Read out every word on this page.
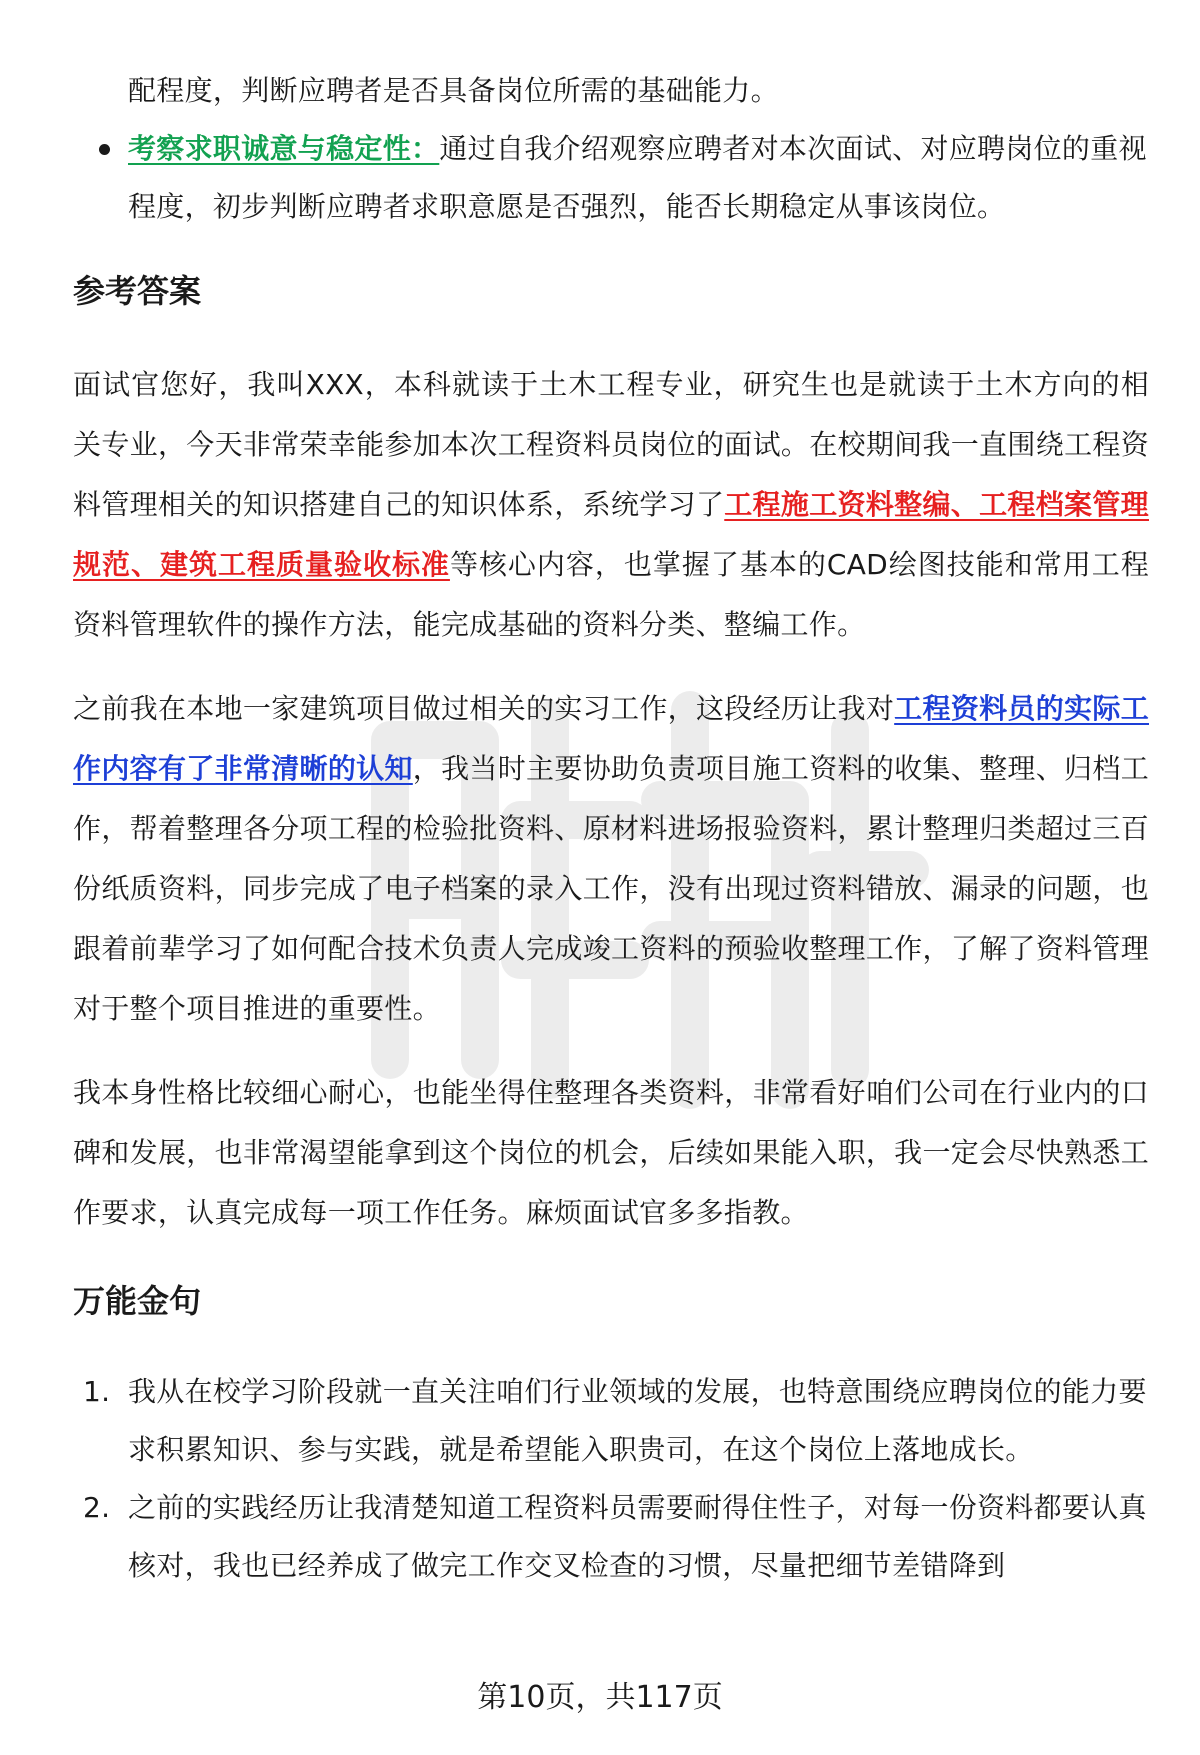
配程度，判断应聘者是否具备岗位所需的基础能力。

考察求职诚意与稳定性：通过自我介绍观察应聘者对本次面试、对应聘岗位的重视程度，初步判断应聘者求职意愿是否强烈，能否长期稳定从事该岗位。
参考答案

面试官您好，我叫XXX，本科就读于土木工程专业，研究生也是就读于土木方向的相关专业，今天非常荣幸能参加本次工程资料员岗位的面试。在校期间我一直围绕工程资料管理相关的知识搭建自己的知识体系，系统学习了工程施工资料整编、工程档案管理规范、建筑工程质量验收标准等核心内容，也掌握了基本的CAD绘图技能和常用工程资料管理软件的操作方法，能完成基础的资料分类、整编工作。

之前我在本地一家建筑项目做过相关的实习工作，这段经历让我对工程资料员的实际工作内容有了非常清晰的认知，我当时主要协助负责项目施工资料的收集、整理、归档工作，帮着整理各分项工程的检验批资料、原材料进场报验资料，累计整理归类超过三百份纸质资料，同步完成了电子档案的录入工作，没有出现过资料错放、漏录的问题，也跟着前辈学习了如何配合技术负责人完成竣工资料的预验收整理工作，了解了资料管理对于整个项目推进的重要性。

我本身性格比较细心耐心，也能坐得住整理各类资料，非常看好咱们公司在行业内的口碑和发展，也非常渴望能拿到这个岗位的机会，后续如果能入职，我一定会尽快熟悉工作要求，认真完成每一项工作任务。麻烦面试官多多指教。

万能金句
1. 我从在校学习阶段就一直关注咱们行业领域的发展，也特意围绕应聘岗位的能力要求积累知识、参与实践，就是希望能入职贵司，在这个岗位上落地成长。
2. 之前的实践经历让我清楚知道工程资料员需要耐得住性子，对每一份资料都要认真核对，我也已经养成了做完工作交叉检查的习惯，尽量把细节差错降到
第10页，共117页
